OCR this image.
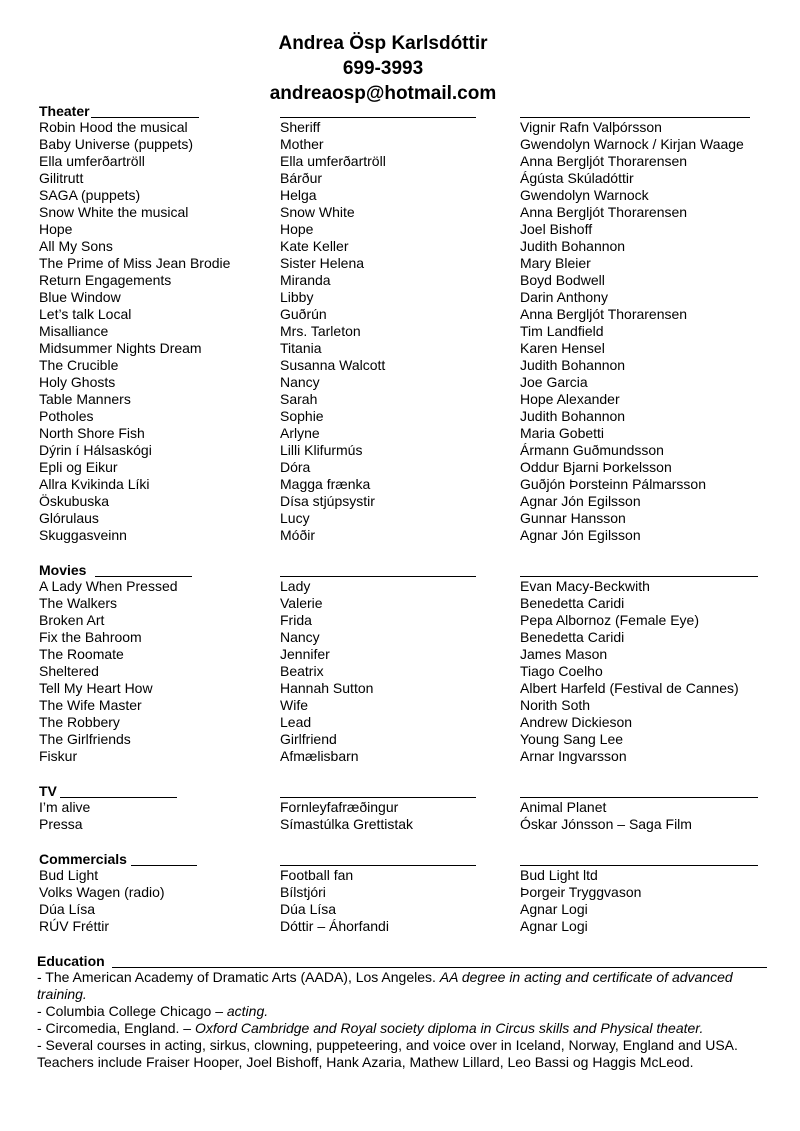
Andrea Ösp Karlsdóttir
699-3993
andreaosp@hotmail.com
Theater
Robin Hood the musical	Sheriff	Vignir Rafn Valþórsson
Baby Universe (puppets)	Mother	Gwendolyn Warnock / Kirjan Waage
Ella umferðartröll	Ella umferðartröll	Anna Bergljót Thorarensen
Gilitrutt	Bárður	Ágústa Skúladóttir
SAGA (puppets)	Helga	Gwendolyn Warnock
Snow White the musical	Snow White	Anna Bergljót Thorarensen
Hope	Hope	Joel Bishoff
All My Sons	Kate Keller	Judith Bohannon
The Prime of Miss Jean Brodie	Sister Helena	Mary Bleier
Return Engagements	Miranda	Boyd Bodwell
Blue Window	Libby	Darin Anthony
Let’s talk Local	Guðrún	Anna Bergljót Thorarensen
Misalliance	Mrs. Tarleton	Tim Landfield
Midsummer Nights Dream	Titania	Karen Hensel
The Crucible	Susanna Walcott	Judith Bohannon
Holy Ghosts	Nancy	Joe Garcia
Table Manners	Sarah	Hope Alexander
Potholes	Sophie	Judith Bohannon
North Shore Fish	Arlyne	Maria Gobetti
Dýrin í Hálsaskógi	Lilli Klifurmús	Ármann Guðmundsson
Epli og Eikur	Dóra	Oddur Bjarni Þorkelsson
Allra Kvikinda Líki	Magga frænka	Guðjón Þorsteinn Pálmarsson
Öskubuska	Dísa stjúpsystir	Agnar Jón Egilsson
Glórulaus	Lucy	Gunnar Hansson
Skuggasveinn	Móðir	Agnar Jón Egilsson
Movies
A Lady When Pressed	Lady	Evan Macy-Beckwith
The Walkers	Valerie	Benedetta Caridi
Broken Art	Frida	Pepa Albornoz (Female Eye)
Fix the Bahroom	Nancy	Benedetta Caridi
The Roomate	Jennifer	James Mason
Sheltered	Beatrix	Tiago Coelho
Tell My Heart How	Hannah Sutton	Albert Harfeld (Festival de Cannes)
The Wife Master	Wife	Norith Soth
The Robbery	Lead	Andrew Dickieson
The Girlfriends	Girlfriend	Young Sang Lee
Fiskur	Afmælisbarn	Arnar Ingvarsson
TV
I’m alive	Fornleyfafræðingur	Animal Planet
Pressa	Símastúlka Grettistak	Óskar Jónsson – Saga Film
Commercials
Bud Light	Football fan	Bud Light ltd
Volks Wagen (radio)	Bílstjóri	Þorgeir Tryggvason
Dúa Lísa	Dúa Lísa	Agnar Logi
RÚV Fréttir	Dóttir – Áhorfandi	Agnar Logi
Education

- The American Academy of Dramatic Arts (AADA), Los Angeles. AA degree in acting and certificate of advanced training.

- Columbia College Chicago – acting.

- Circomedia, England. – Oxford Cambridge and Royal society diploma in Circus skills and Physical theater.

- Several courses in acting, sirkus, clowning, puppeteering, and voice over in Iceland, Norway, England and USA. Teachers include Fraiser Hooper, Joel Bishoff, Hank Azaria, Mathew Lillard, Leo Bassi og Haggis McLeod.
